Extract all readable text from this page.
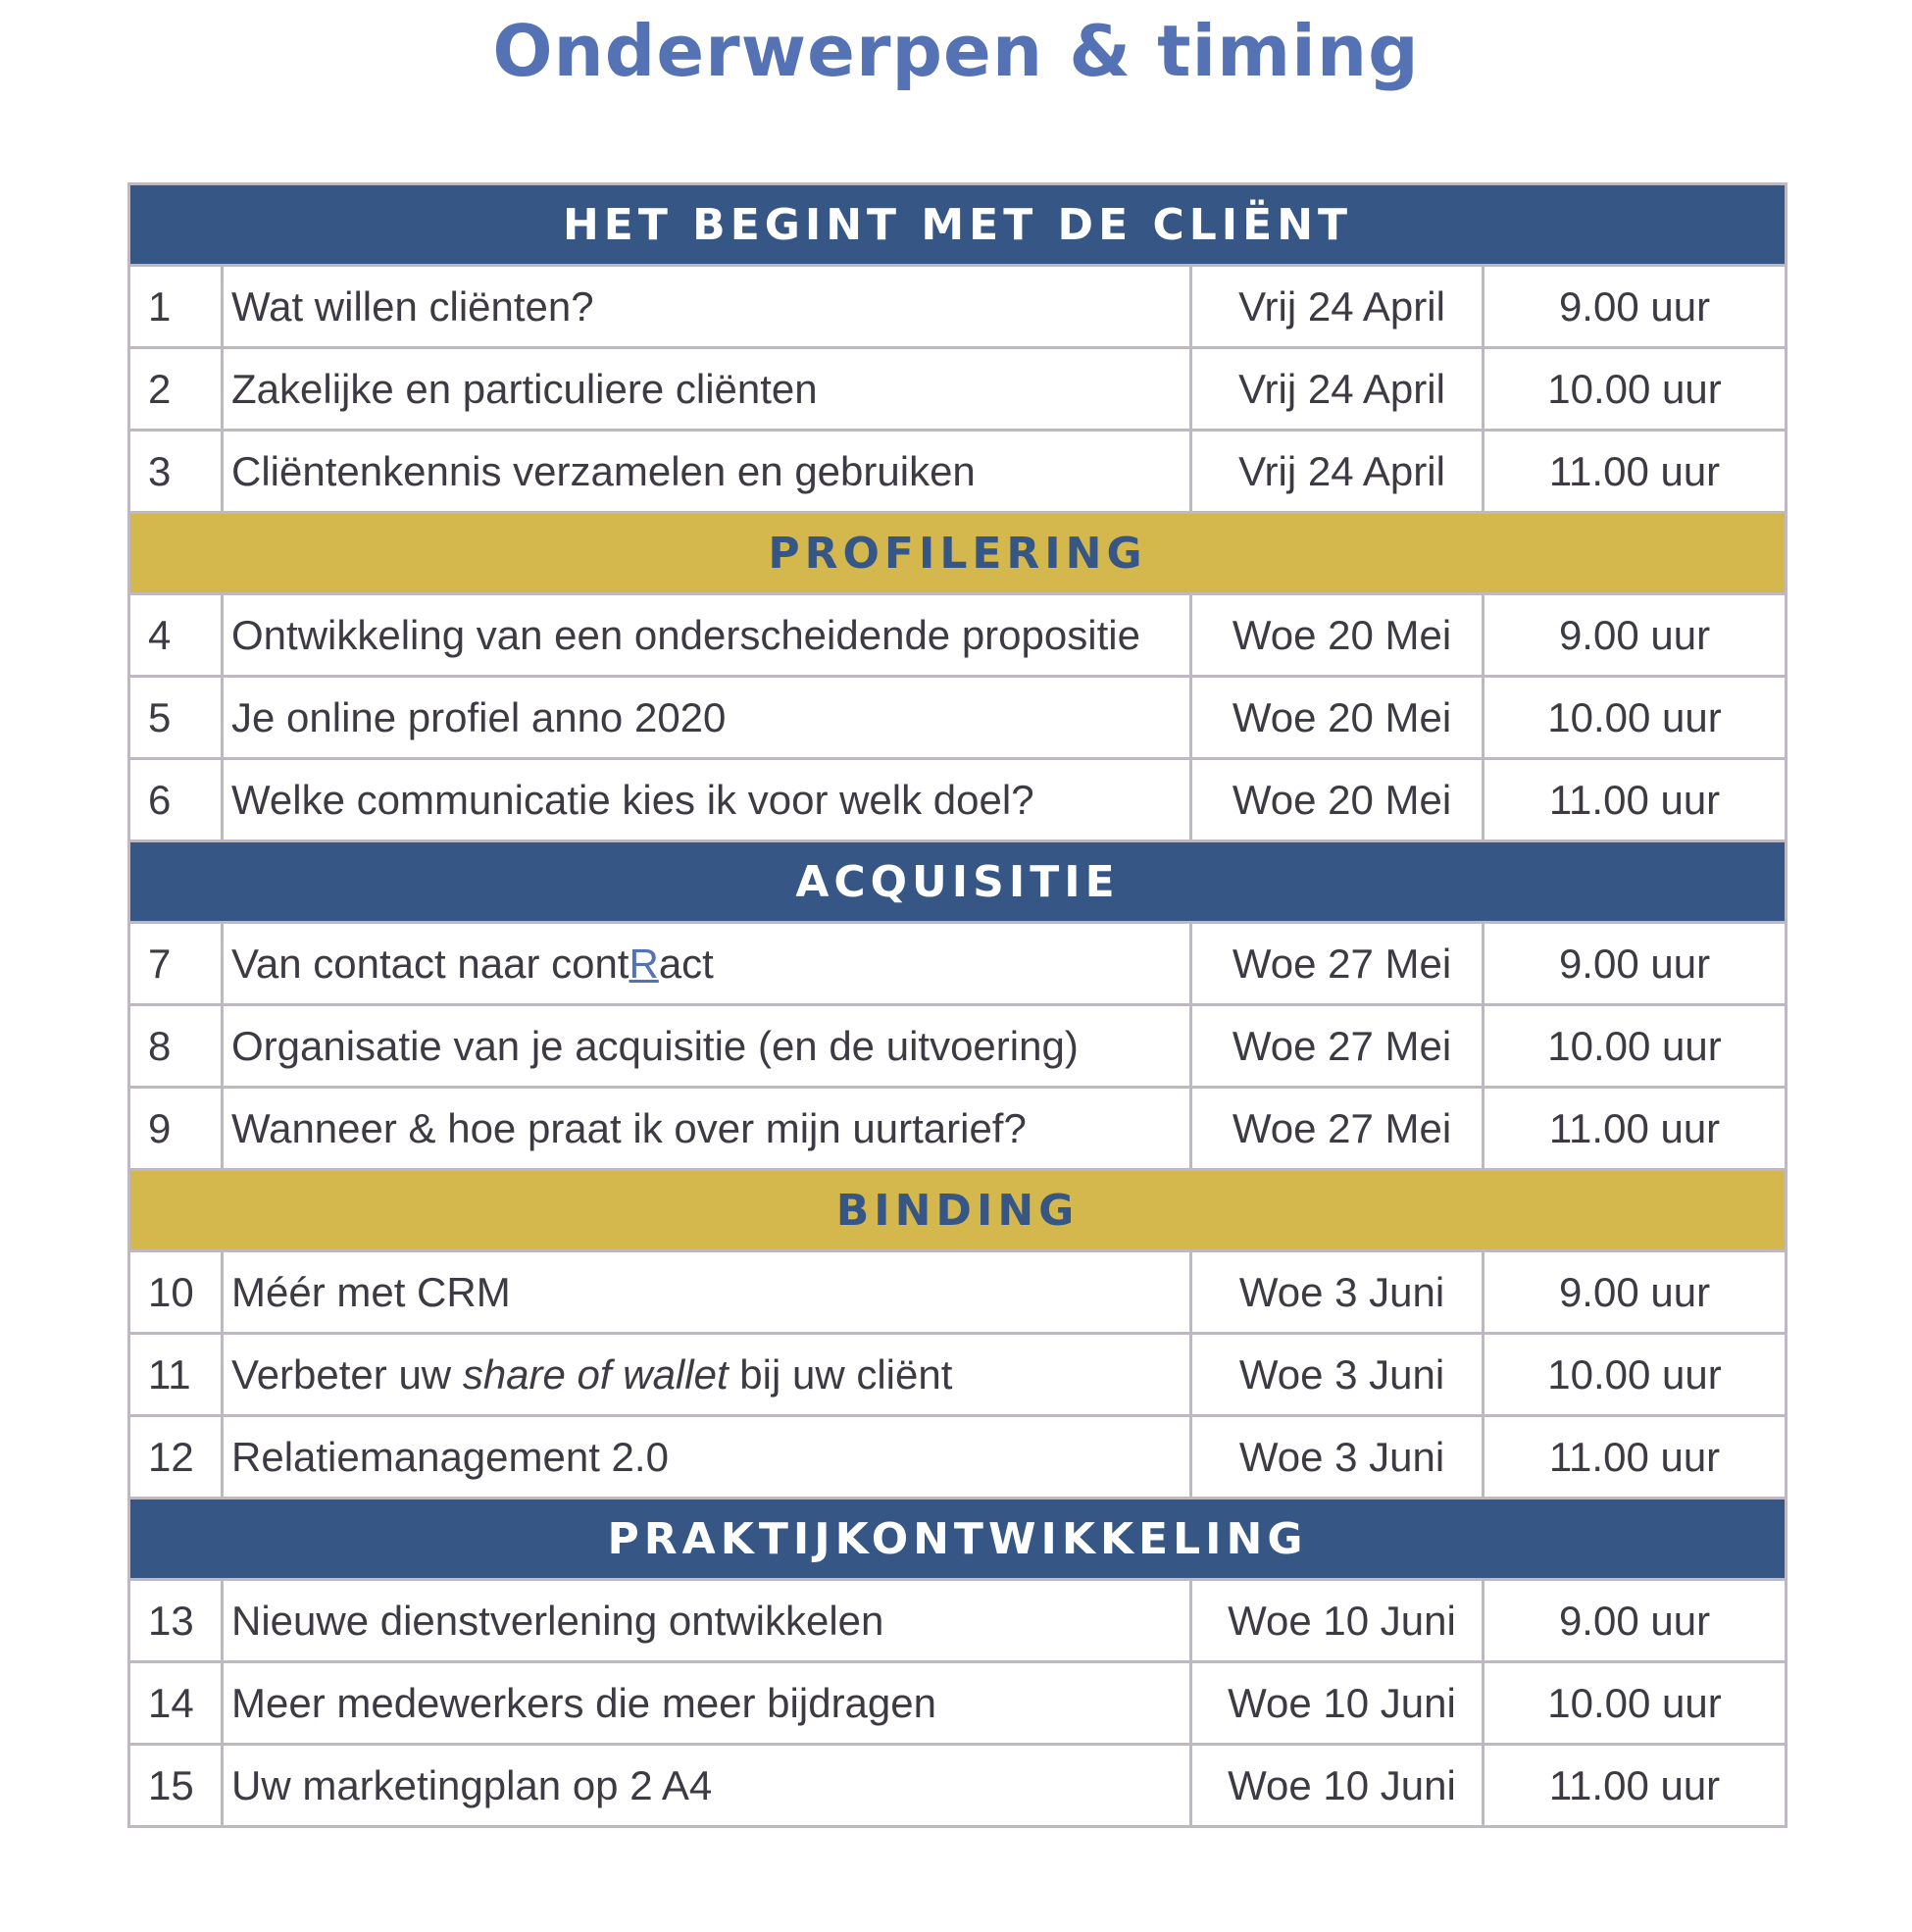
Onderwerpen & timing
HET BEGINT MET DE CLIËNT			
1	Wat willen cliënten?	Vrij 24 April	9.00 uur
2	Zakelijke en particuliere cliënten	Vrij 24 April	10.00 uur
3	Cliëntenkennis verzamelen en gebruiken	Vrij 24 April	11.00 uur
PROFILERING			
4	Ontwikkeling van een onderscheidende propositie	Woe 20 Mei	9.00 uur
5	Je online profiel anno 2020	Woe 20 Mei	10.00 uur
6	Welke communicatie kies ik voor welk doel?	Woe 20 Mei	11.00 uur
ACQUISITIE			
7	Van contact naar contRact	Woe 27 Mei	9.00 uur
8	Organisatie van je acquisitie (en de uitvoering)	Woe 27 Mei	10.00 uur
9	Wanneer & hoe praat ik over mijn uurtarief?	Woe 27 Mei	11.00 uur
BINDING			
10	Méér met CRM	Woe 3 Juni	9.00 uur
11	Verbeter uw share of wallet bij uw cliënt	Woe 3 Juni	10.00 uur
12	Relatiemanagement 2.0	Woe 3 Juni	11.00 uur
PRAKTIJKONTWIKKELING			
13	Nieuwe dienstverlening ontwikkelen	Woe 10 Juni	9.00 uur
14	Meer medewerkers die meer bijdragen	Woe 10 Juni	10.00 uur
15	Uw marketingplan op 2 A4	Woe 10 Juni	11.00 uur
